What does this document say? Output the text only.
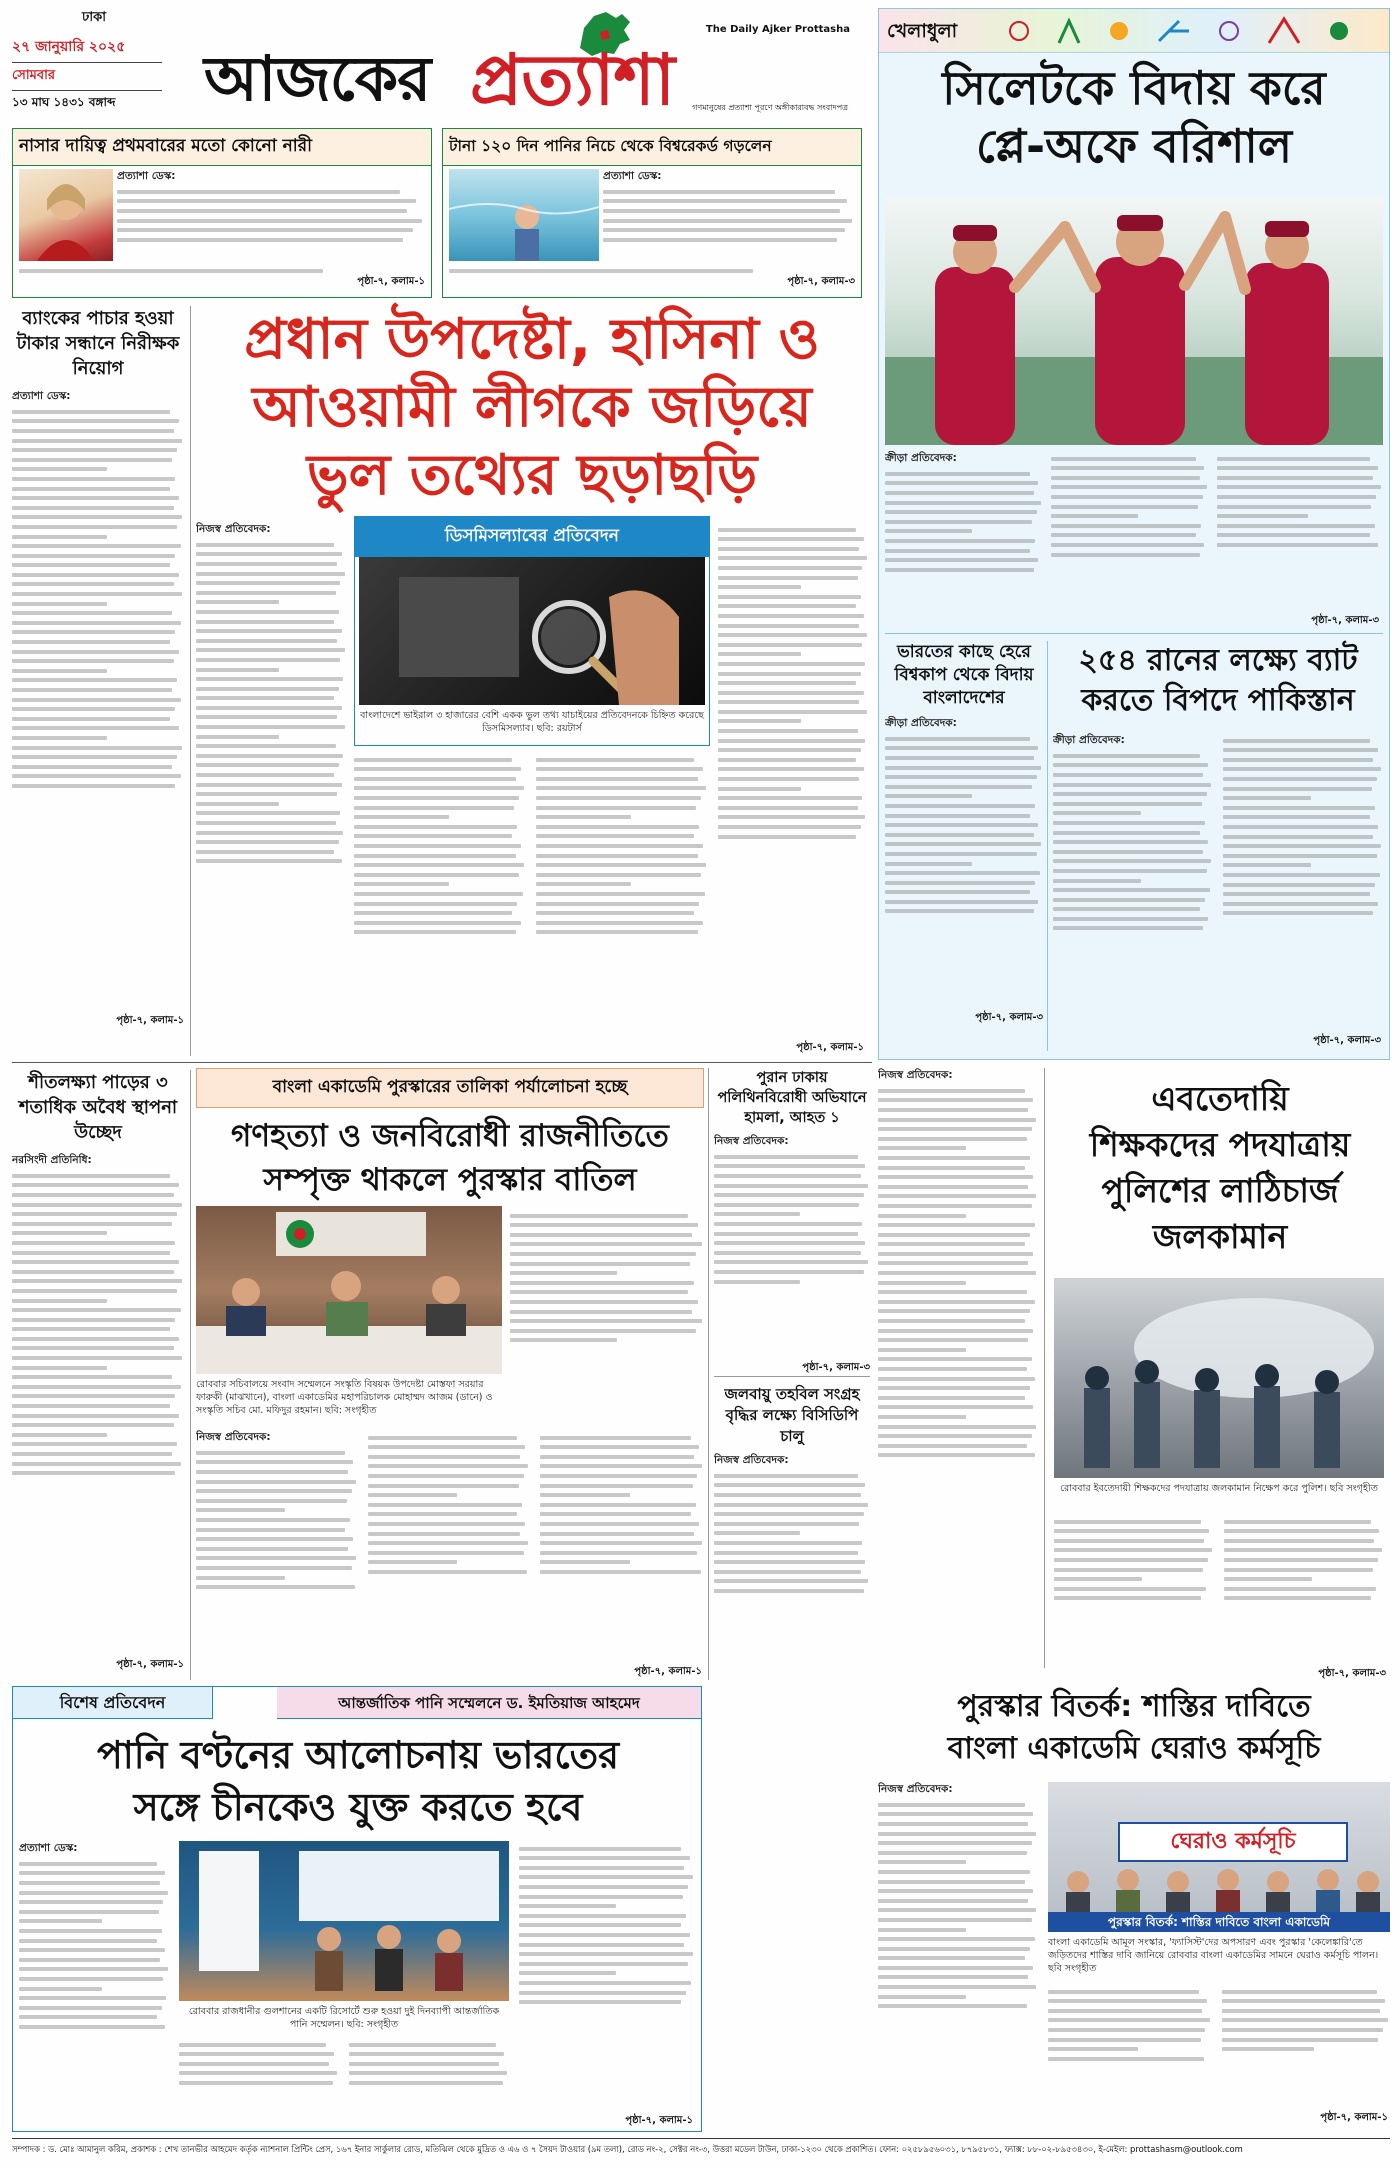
ঢাকা
২৭ জানুয়ারি ২০২৫
সোমবার
১৩ মাঘ ১৪৩১ বঙ্গাব্দ
The Daily Ajker Prottasha
আজকের প্রত্যাশা গণমানুষের প্রত্যাশা পূরণে অঙ্গীকারাবদ্ধ সংবাদপত্র
নাসার দায়িত্ব প্রথমবারের মতো কোনো নারী
প্রত্যাশা ডেস্ক:
পৃষ্ঠা-৭, কলাম-১
টানা ১২০ দিন পানির নিচে থেকে বিশ্বরেকর্ড গড়লেন
প্রত্যাশা ডেস্ক:
পৃষ্ঠা-৭, কলাম-৩
খেলাধুলা
সিলেটকে বিদায় করে
প্লে-অফে বরিশাল
ক্রীড়া প্রতিবেদক:
পৃষ্ঠা-৭, কলাম-৩
ভারতের কাছে হেরে বিশ্বকাপ থেকে বিদায় বাংলাদেশের
ক্রীড়া প্রতিবেদক:
পৃষ্ঠা-৭, কলাম-৩
২৫৪ রানের লক্ষ্যে ব্যাট
করতে বিপদে পাকিস্তান
ক্রীড়া প্রতিবেদক:
পৃষ্ঠা-৭, কলাম-৩
ব্যাংকের পাচার হওয়া টাকার সন্ধানে নিরীক্ষক নিয়োগ
প্রত্যাশা ডেস্ক:
পৃষ্ঠা-৭, কলাম-১
প্রধান উপদেষ্টা, হাসিনা ও
আওয়ামী লীগকে জড়িয়ে
ভুল তথ্যের ছড়াছড়ি
নিজস্ব প্রতিবেদক:	ডিসমিসল্যাবের প্রতিবেদন
বাংলাদেশে ভাইরাল ৩ হাজারের বেশি একক ভুল তথ্য যাচাইয়ের প্রতিবেদনকে চিহ্নিত করেছে ডিসমিসল্যাব। ছবি: রয়টার্স
পৃষ্ঠা-৭, কলাম-১
শীতলক্ষ্যা পাড়ের ৩ শতাধিক অবৈধ স্থাপনা উচ্ছেদ
নরসিংদী প্রতিনিধি:
পৃষ্ঠা-৭, কলাম-১
বাংলা একাডেমি পুরস্কারের তালিকা পর্যালোচনা হচ্ছে
গণহত্যা ও জনবিরোধী রাজনীতিতে
সম্পৃক্ত থাকলে পুরস্কার বাতিল
রোববার সচিবালয়ে সংবাদ সম্মেলনে সংস্কৃতি বিষয়ক উপদেষ্টা মোস্তফা সরয়ার ফারুকী (মাঝখানে), বাংলা একাডেমির মহাপরিচালক মোহাম্মদ আজম (ডানে) ও সংস্কৃতি সচিব মো. মফিদুর রহমান। ছবি: সংগৃহীত
নিজস্ব প্রতিবেদক:
পৃষ্ঠা-৭, কলাম-১
পুরান ঢাকায় পলিথিনবিরোধী অভিযানে হামলা, আহত ১
নিজস্ব প্রতিবেদক:
পৃষ্ঠা-৭, কলাম-৩
জলবায়ু তহবিল সংগ্রহ বৃদ্ধির লক্ষ্যে বিসিডিপি চালু
নিজস্ব প্রতিবেদক:
নিজস্ব প্রতিবেদক:
এবতেদায়ি
শিক্ষকদের পদযাত্রায়
পুলিশের লাঠিচার্জ
জলকামান
রোববার ইবতেদায়ী শিক্ষকদের পদযাত্রায় জলকামান নিক্ষেপ করে পুলিশ। ছবি সংগৃহীত
পৃষ্ঠা-৭, কলাম-৩
বিশেষ প্রতিবেদন	আন্তর্জাতিক পানি সম্মেলনে ড. ইমতিয়াজ আহমেদ
পানি বণ্টনের আলোচনায় ভারতের
সঙ্গে চীনকেও যুক্ত করতে হবে
প্রত্যাশা ডেস্ক:
রোববার রাজধানীর গুলশানের একটি রিসোর্টে শুরু হওয়া দুই দিনব্যাপী আন্তর্জাতিক পানি সম্মেলন। ছবি: সংগৃহীত
পৃষ্ঠা-৭, কলাম-১
পুরস্কার বিতর্ক: শাস্তির দাবিতে
বাংলা একাডেমি ঘেরাও কর্মসূচি
নিজস্ব প্রতিবেদক:
ঘেরাও কর্মসূচি
পুরস্কার বিতর্ক: শাস্তির দাবিতে বাংলা একাডেমি
বাংলা একাডেমি আমূল সংস্কার, 'ফ্যাসিস্ট'দের অপসারণ এবং পুরস্কার 'কেলেঙ্কারি'তে জড়িতদের শাস্তির দাবি জানিয়ে রোববার বাংলা একাডেমির সামনে ঘেরাও কর্মসূচি পালন। ছবি সংগৃহীত
পৃষ্ঠা-৭, কলাম-১
সম্পাদক : ড. মোঃ আমানুল করিম, প্রকাশক : শেখ তানভীর আহমেদ কর্তৃক ন্যাশনাল প্রিন্টিং প্রেস, ১৬৭ ইনার সার্কুলার রোড, মতিঝিল থেকে মুদ্রিত ও এ৬ ও ৭ সৈয়দ টাওয়ার (৯ম তলা), রোড নং-২, সেক্টর নং-৩, উত্তরা মডেল টাউন, ঢাকা-১২৩০ থেকে প্রকাশিত। ফোন: ০২৫৮৯৫৬০৩১, ৮৭৯৫৮৩১, ফ্যাক্স: ৮৮-০২-৮৯৫৩৪৩০, ই-মেইল: prottashasm@outlook.com
